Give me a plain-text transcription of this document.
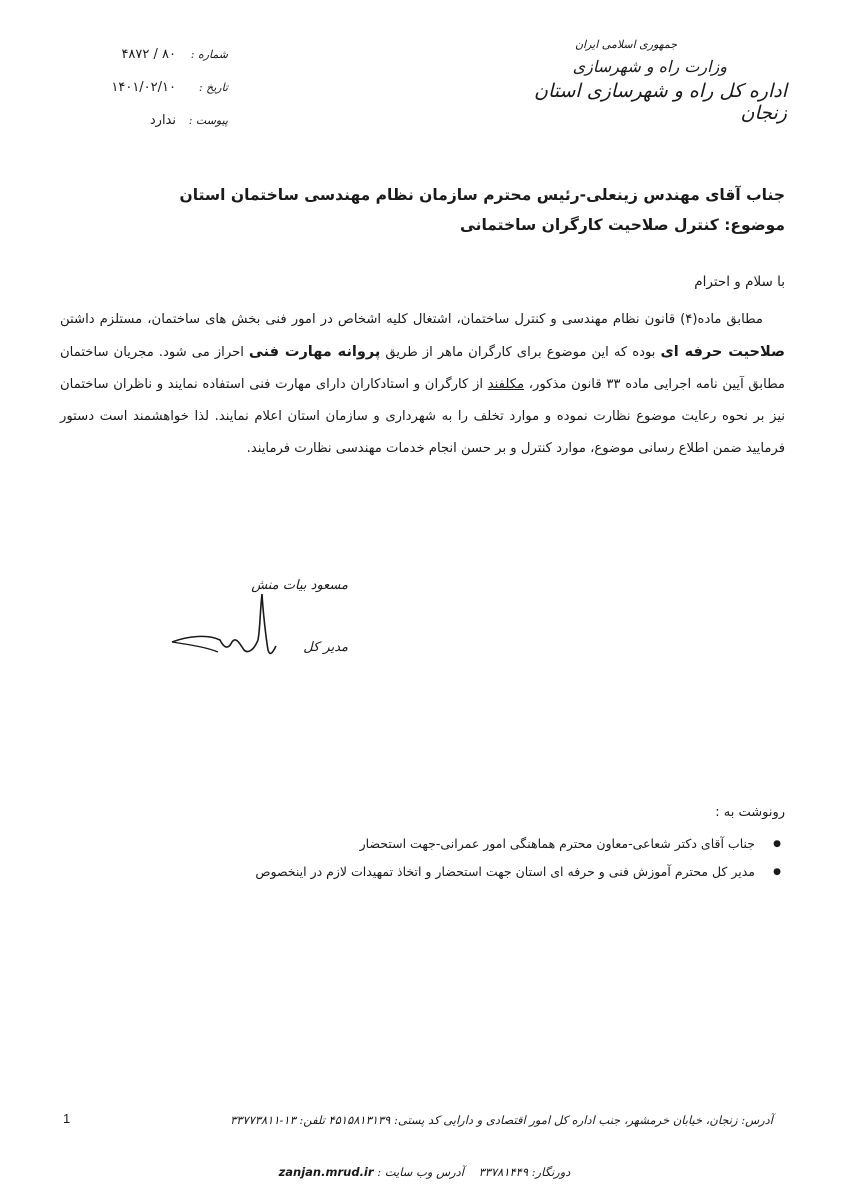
جمهوری اسلامی ایران
وزارت راه و شهرسازی
اداره کل راه و شهرسازی استان زنجان
شماره :
۸۰ / ۴۸۷۲
تاریخ :
۱۴۰۱/۰۲/۱۰
پیوست :
ندارد
جناب آقای مهندس زینعلی-رئیس محترم سازمان نظام مهندسی ساختمان استان
موضوع: کنترل صلاحیت کارگران ساختمانی
با سلام و احترام

مطابق ماده(۴) قانون نظام مهندسی و کنترل ساختمان، اشتغال کلیه اشخاص در امور فنی بخش های ساختمان، مستلزم داشتن صلاحیت حرفه ای بوده که این موضوع برای کارگران ماهر از طریق پروانه مهارت فنی احراز می شود. مجریان ساختمان مطابق آیین نامه اجرایی ماده ۳۳ قانون مذکور، مکلفند از کارگران و استادکاران دارای مهارت فنی استفاده نمایند و ناظران ساختمان نیز بر نحوه رعایت موضوع نظارت نموده و موارد تخلف را به شهرداری و سازمان استان اعلام نمایند. لذا خواهشمند است دستور فرمایید ضمن اطلاع رسانی موضوع، موارد کنترل و بر حسن انجام خدمات مهندسی نظارت فرمایند.

مسعود بیات منش
مدیر کل
رونوشت به :
● جناب آقای دکتر شعاعی-معاون محترم هماهنگی امور عمرانی-جهت استحضار
● مدیر کل محترم آموزش فنی و حرفه ای استان جهت استحضار و اتخاذ تمهیدات لازم در اینخصوص
1	آدرس: زنجان، خیابان خرمشهر، جنب اداره کل امور اقتصادی و دارایی کد پستی: ۴۵۱۵۸۱۳۱۳۹ تلفن: ۱۳-۳۳۷۷۳۸۱۱
دورنگار: ۳۳۷۸۱۴۴۹    آدرس وب سایت : zanjan.mrud.ir
